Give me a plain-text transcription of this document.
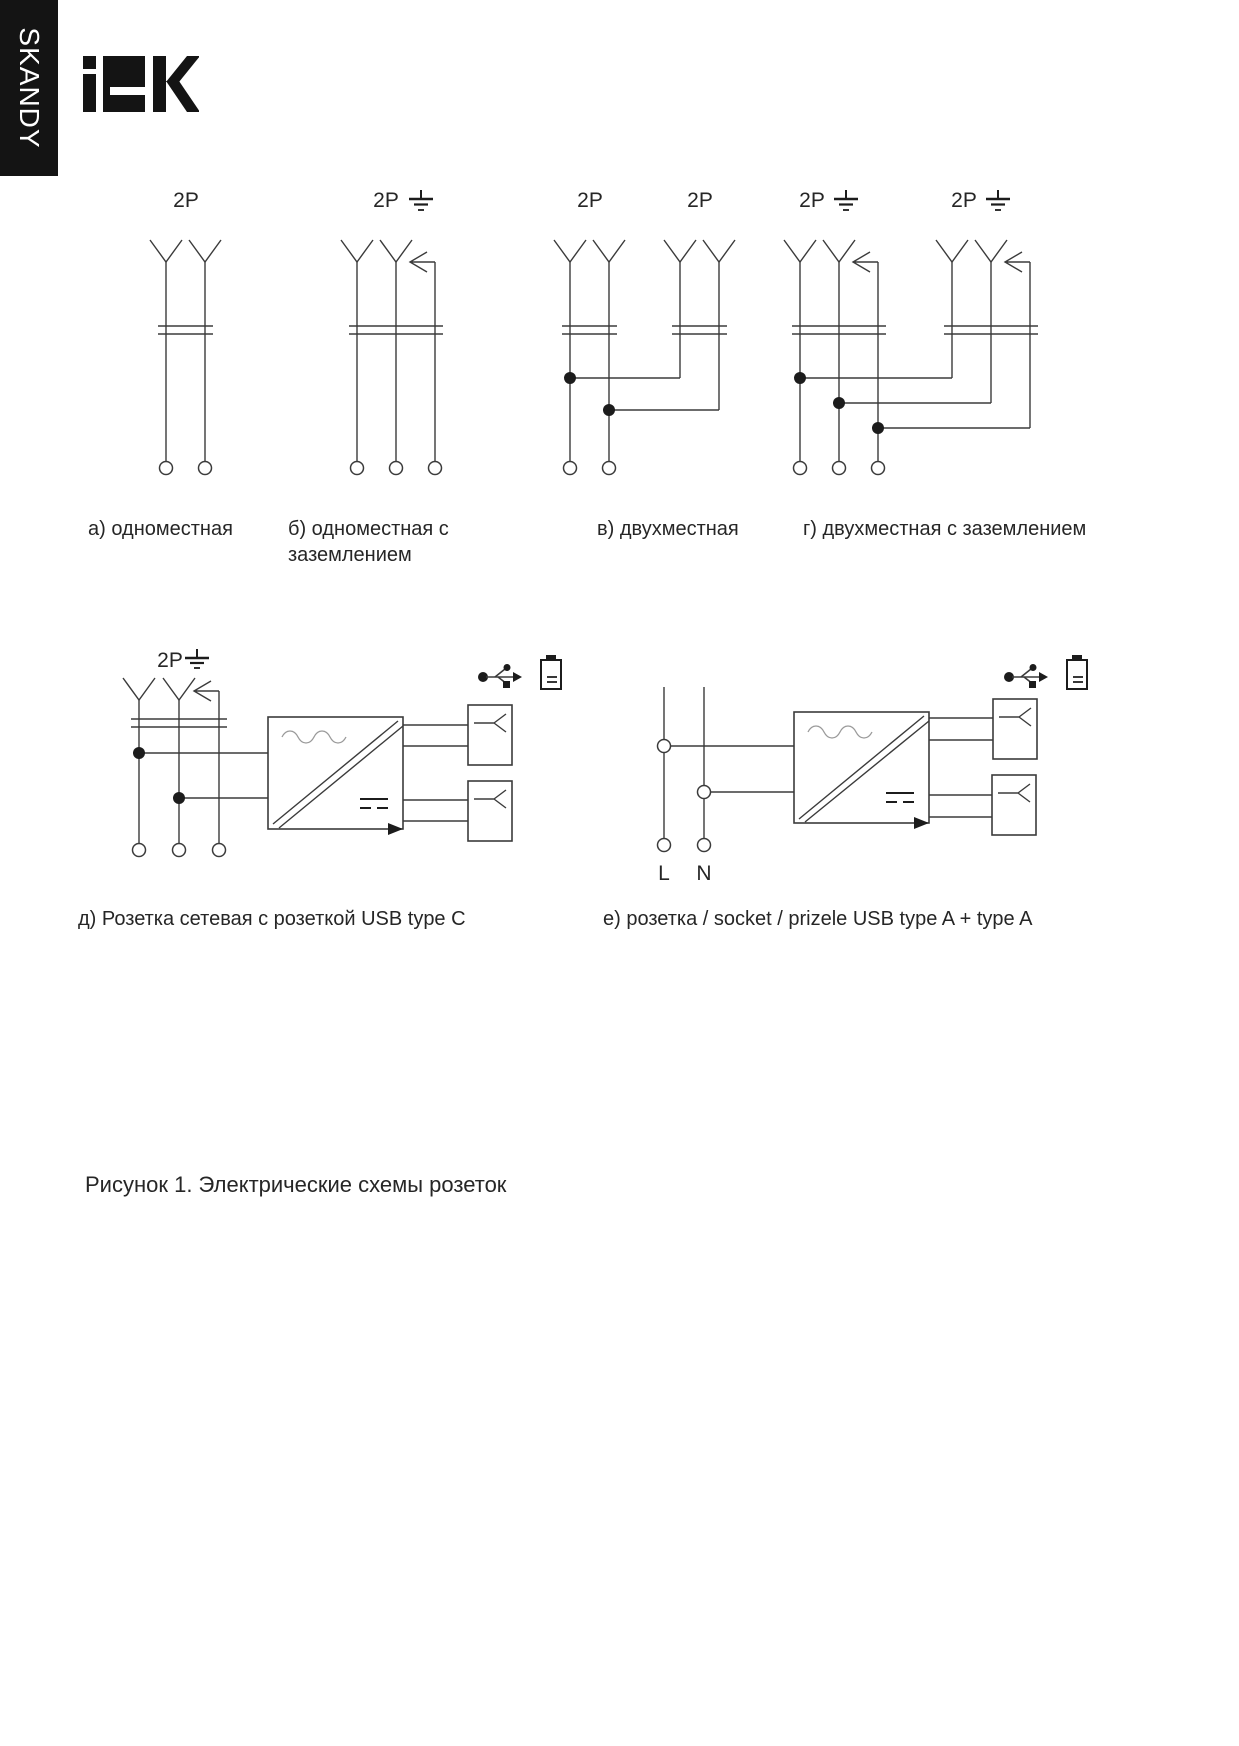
SKANDY
2P	2P	2P	2P	2P	2P
2P
L N
а) одноместная	б) одноместная с
заземлением
в) двухместная	г) двухместная с заземлением
д) Розетка сетевая с розеткой USB type C	е) розетка / socket / prizele USB type A + type A
Рисунок 1. Электрические схемы розеток
